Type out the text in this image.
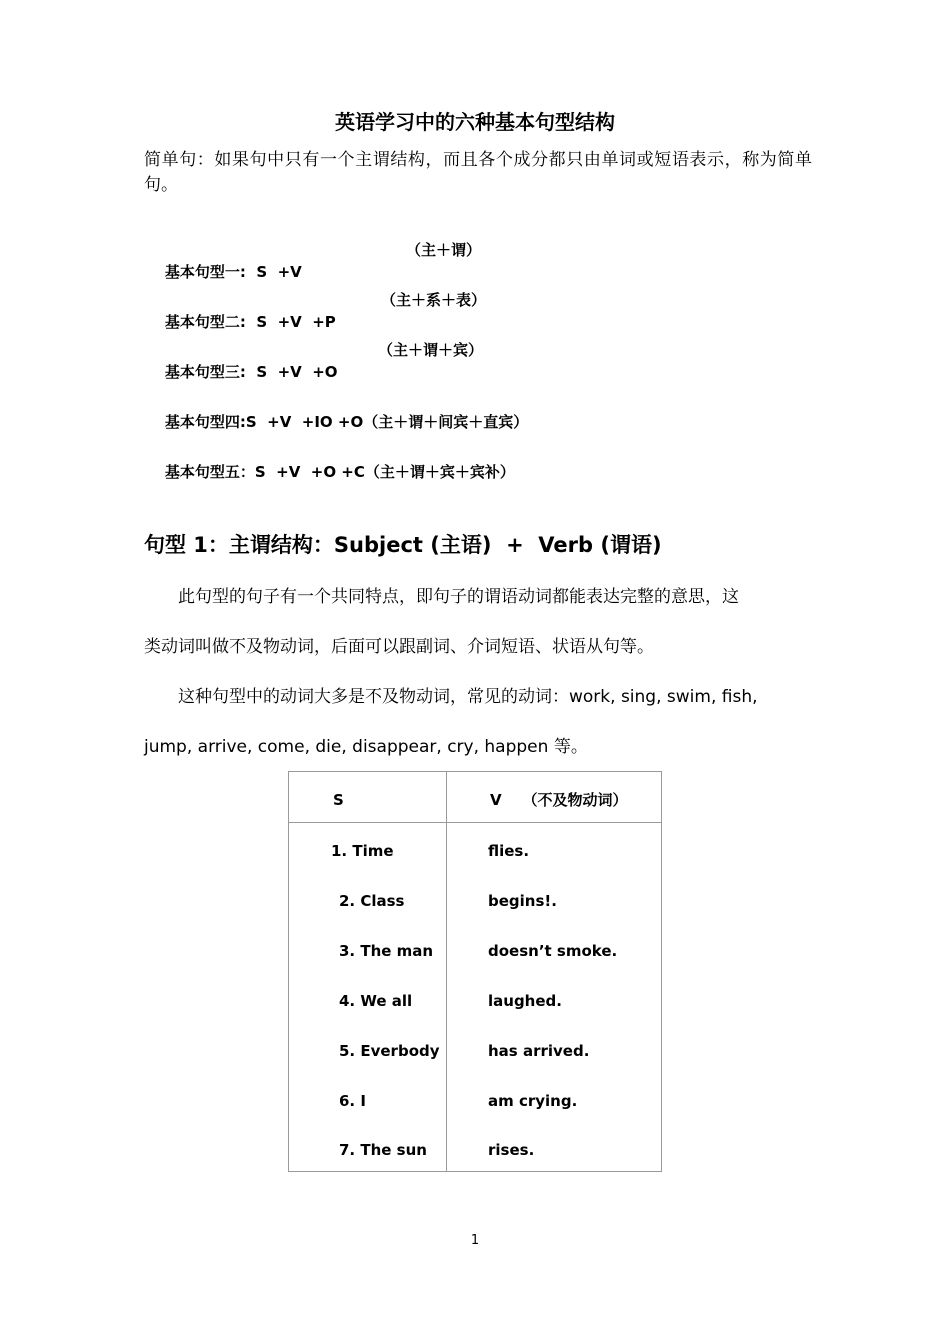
英语学习中的六种基本句型结构
简单句：如果句中只有一个主谓结构，而且各个成分都只由单词或短语表示，称为简单句。

基本句型一:  S  +V
（主＋谓）

基本句型二:  S  +V  +P
（主＋系＋表）

基本句型三:  S  +V  +O
（主＋谓＋宾）

基本句型四:S  +V  +IO +O（主＋谓＋间宾＋直宾）

基本句型五：S  +V  +O +C（主＋谓＋宾＋宾补）

句型 1：主谓结构：Subject (主语)  +  Verb (谓语)
此句型的句子有一个共同特点，即句子的谓语动词都能表达完整的意思，这
类动词叫做不及物动词，后面可以跟副词、介词短语、状语从句等。
这种句型中的动词大多是不及物动词，常见的动词：work, sing, swim, fish,
jump, arrive, come, die, disappear, cry, happen 等。
S	V    （不及物动词）
1. Time	flies.
2. Class	begins!.
3. The man	doesn’t smoke.
4. We all	laughed.
5. Everbody	has arrived.
6. I	am crying.
7. The sun	rises.
1
